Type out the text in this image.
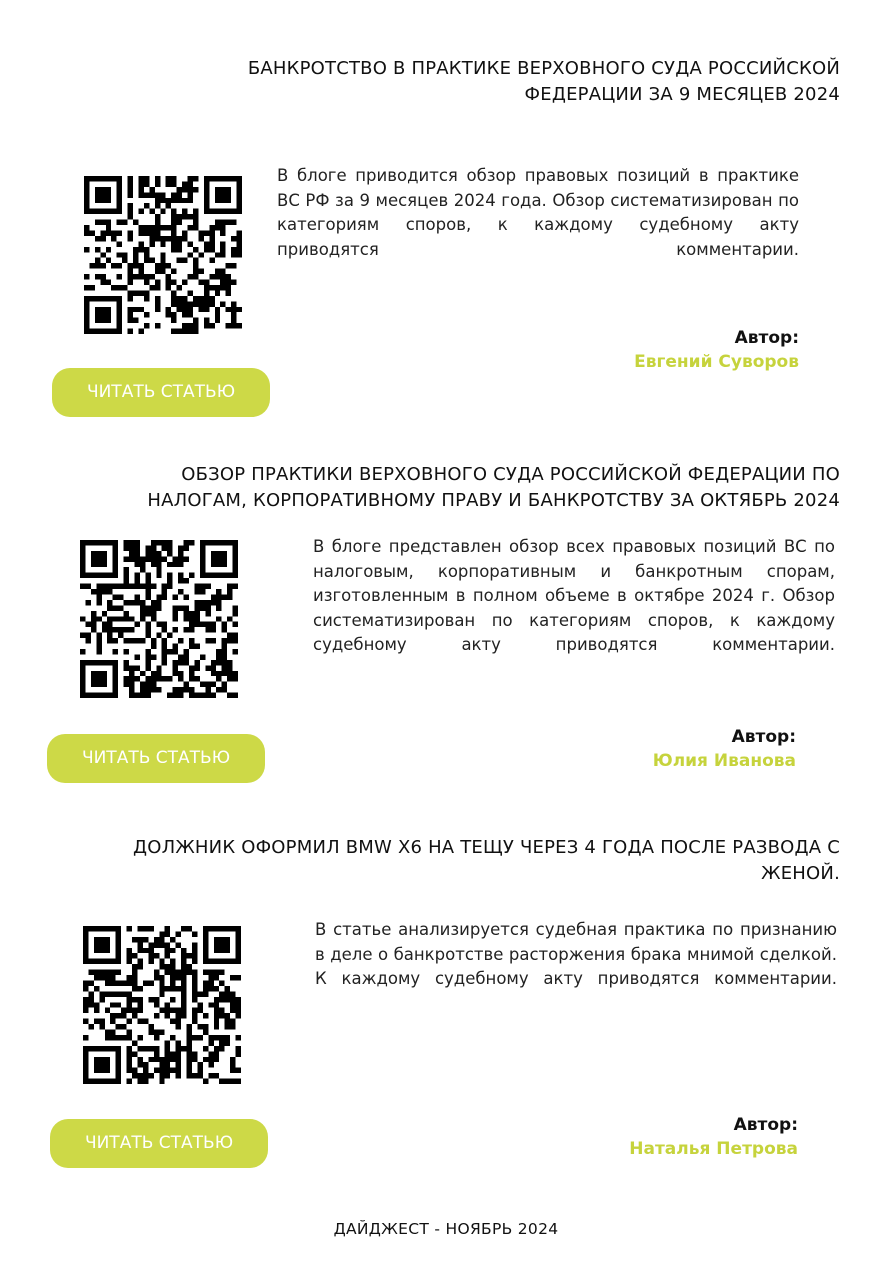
БАНКРОТСТВО В ПРАКТИКЕ ВЕРХОВНОГО СУДА РОССИЙСКОЙ
ФЕДЕРАЦИИ ЗА 9 МЕСЯЦЕВ 2024

В блоге приводится обзор правовых позиций в практике ВС РФ за 9 месяцев 2024 года. Обзор систематизирован по категориям споров, к каждому судебному акту приводятся комментарии.

Автор:
Евгений Суворов
ЧИТАТЬ СТАТЬЮ
ОБЗОР ПРАКТИКИ ВЕРХОВНОГО СУДА РОССИЙСКОЙ ФЕДЕРАЦИИ ПО
НАЛОГАМ, КОРПОРАТИВНОМУ ПРАВУ И БАНКРОТСТВУ ЗА ОКТЯБРЬ 2024

В блоге представлен обзор всех правовых позиций ВС по налоговым, корпоративным и банкротным спорам, изготовленным в полном объеме в октябре 2024 г. Обзор систематизирован по категориям споров, к каждому судебному акту приводятся комментарии.

Автор:
Юлия Иванова
ЧИТАТЬ СТАТЬЮ
ДОЛЖНИК ОФОРМИЛ BMW X6 НА ТЕЩУ ЧЕРЕЗ 4 ГОДА ПОСЛЕ РАЗВОДА С
ЖЕНОЙ.

В статье анализируется судебная практика по признанию в деле о банкротстве расторжения брака мнимой сделкой. К каждому судебному акту приводятся комментарии.

Автор:
Наталья Петрова
ЧИТАТЬ СТАТЬЮ
ДАЙДЖЕСТ - НОЯБРЬ 2024
